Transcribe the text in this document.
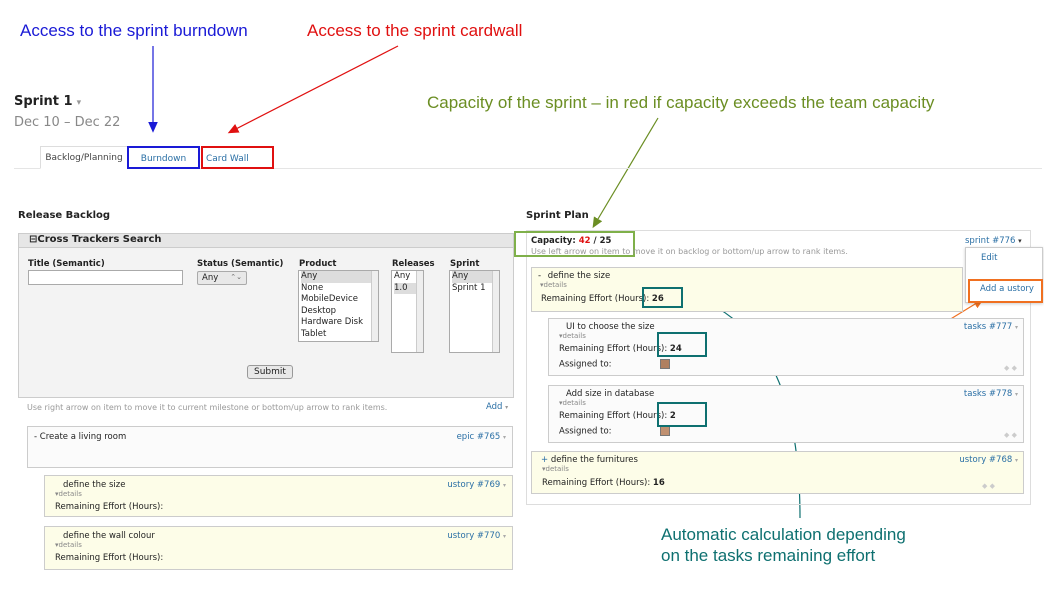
Access to the sprint burndown	Access to the sprint cardwall
Capacity of the sprint – in red if capacity exceeds the team capacity
Automatic calculation depending
on the tasks remaining effort
Sprint 1 ▾
Dec 10 – Dec 22
Backlog/Planning	Burndown	Card Wall
Release Backlog
⊟Cross Trackers Search
Title (Semantic)	Status (Semantic)
Any ⌃⌄
Product
Any
None
MobileDevice
Desktop
Hardware Disk
Tablet
Releases
Any
1.0
Sprint
Any
Sprint 1
Submit
Use right arrow on item to move it to current milestone or bottom/up arrow to rank items.	Add ▾
- Create a living room	epic #765 ▾
define the size	ustory #769 ▾
▾details
Remaining Effort (Hours):
define the wall colour	ustory #770 ▾
▾details
Remaining Effort (Hours):
Sprint Plan
Capacity: 42 / 25
Use left arrow on item to move it on backlog or bottom/up arrow to rank items.
sprint #776 ▾
Edit
Add a ustory
- define the size
▾details
Remaining Effort (Hours): 26
UI to choose the size	tasks #777 ▾
▾details
Remaining Effort (Hours): 24
Assigned to:	◆ ◆
Add size in database	tasks #778 ▾
▾details
Remaining Effort (Hours): 2
Assigned to:	◆ ◆
+ define the furnitures	ustory #768 ▾
▾details
Remaining Effort (Hours): 16	◆ ◆
